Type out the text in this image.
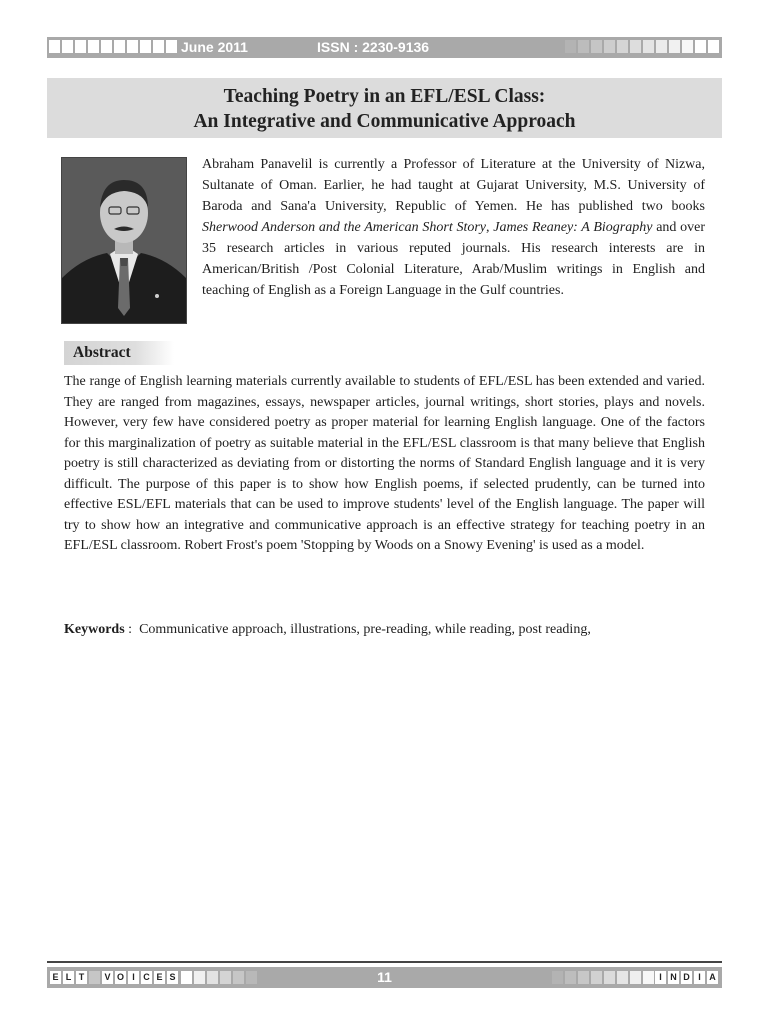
June 2011	ISSN : 2230-9136
Teaching Poetry in an EFL/ESL Class:
An Integrative and Communicative Approach
Abraham Panavelil is currently a Professor of Literature at the University of Nizwa, Sultanate of Oman. Earlier, he had taught at Gujarat University, M.S. University of Baroda and Sana'a University, Republic of Yemen. He has published two books Sherwood Anderson and the American Short Story, James Reaney: A Biography and over 35 research articles in various reputed journals. His research interests are in American/British /Post Colonial Literature, Arab/Muslim writings in English and teaching of English as a Foreign Language in the Gulf countries.
Abstract
The range of English learning materials currently available to students of EFL/ESL has been extended and varied. They are ranged from magazines, essays, newspaper articles, journal writings, short stories, plays and novels. However, very few have considered poetry as proper material for learning English language. One of the factors for this marginalization of poetry as suitable material in the EFL/ESL classroom is that many believe that English poetry is still characterized as deviating from or distorting the norms of Standard English language and it is very difficult. The purpose of this paper is to show how English poems, if selected prudently, can be turned into effective ESL/EFL materials that can be used to improve students' level of the English language. The paper will try to show how an integrative and communicative approach is an effective strategy for teaching poetry in an EFL/ESL classroom. Robert Frost's poem 'Stopping by Woods on a Snowy Evening' is used as a model.
Keywords :  Communicative approach, illustrations, pre-reading, while reading, post reading,
E L T	V O I C E S	11	I N D I A
